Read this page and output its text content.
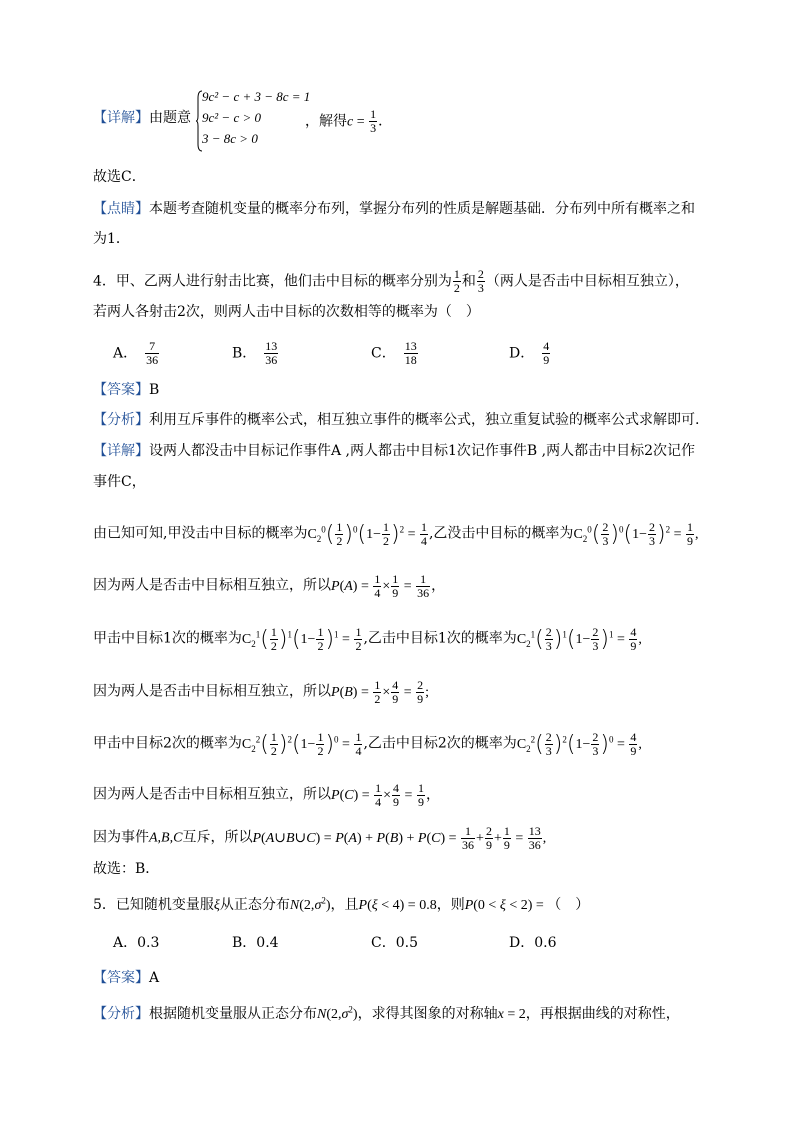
【详解】由题意
9c² − c + 3 − 8c = 1
9c² − c > 0
3 − 8c > 0
，解得$c = \frac{1}{3}$ ．
故选C．
【点睛】本题考查随机变量的概率分布列，掌握分布列的性质是解题基础．分布列中所有概率之和
为1．
4．甲、乙两人进行射击比赛，他们击中目标的概率分别为 $\frac{1}{2}$ 和 $\frac{2}{3}$ （两人是否击中目标相互独立），
若两人各射击2次，则两人击中目标的次数相等的概率为（　）
A． $\frac{7}{36}$	B． $\frac{13}{36}$	C． $\frac{13}{18}$	D． $\frac{4}{9}$
【答案】B
【分析】利用互斥事件的概率公式，相互独立事件的概率公式，独立重复试验的概率公式求解即可.
【详解】设两人都没击中目标记作事件A ,两人都击中目标1次记作事件B ,两人都击中目标2次记作
事件C，
由已知可知,甲没击中目标的概率为$C_2^0( \frac{1}{2} )^0(1- \frac{1}{2} )^2 = \frac{1}{4}$ ,乙没击中目标的概率为$C_2^0( \frac{2}{3} )^0(1- \frac{2}{3} )^2 = \frac{1}{9}$ ,
因为两人是否击中目标相互独立，所以$P(A) = \frac{1}{4} \times \frac{1}{9} = \frac{1}{36}$ ，
甲击中目标1次的概率为$C_2^1( \frac{1}{2} )^1(1- \frac{1}{2} )^1 = \frac{1}{2}$ ,乙击中目标1次的概率为$C_2^1( \frac{2}{3} )^1(1- \frac{2}{3} )^1 = \frac{4}{9}$ ,
因为两人是否击中目标相互独立，所以$P(B) = \frac{1}{2} \times \frac{4}{9} = \frac{2}{9}$ ;
甲击中目标2次的概率为$C_2^2( \frac{1}{2} )^2(1- \frac{1}{2} )^0 = \frac{1}{4}$ ,乙击中目标2次的概率为$C_2^2( \frac{2}{3} )^2(1- \frac{2}{3} )^0 = \frac{4}{9}$ ,
因为两人是否击中目标相互独立，所以$P(C) = \frac{1}{4} \times \frac{4}{9} = \frac{1}{9}$ ，
因为事件A,B,C互斥，所以P(A∪B∪C) = $P(A) + P(B) + P(C) = \frac{1}{36} + \frac{2}{9} + \frac{1}{9} = \frac{13}{36}$ ,
故选：B．
5．已知随机变量服ξ从正态分布$N(2,\sigma^2)$，且P(ξ < 4) = 0.8，则P(0 < ξ < 2) = （　）
A．0.3	B．0.4	C．0.5	D．0.6
【答案】A
【分析】根据随机变量服从正态分布$N(2,\sigma^2)$，求得其图象的对称轴x = 2，再根据曲线的对称性，
